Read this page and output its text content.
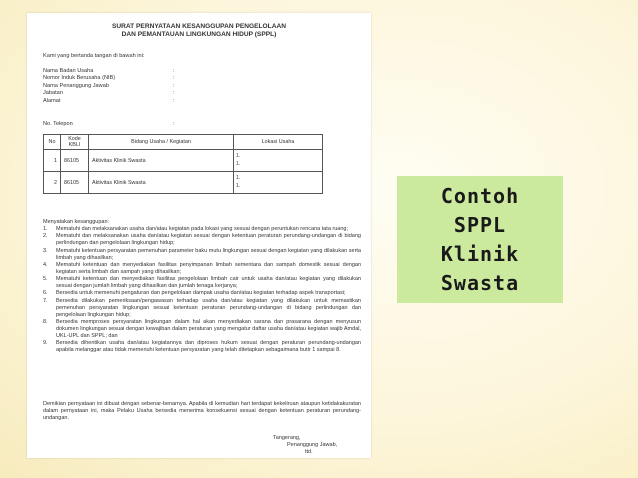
SURAT PERNYATAAN KESANGGUPAN PENGELOLAAN
DAN PEMANTAUAN LINGKUNGAN HIDUP (SPPL)
Kami yang bertanda tangan di bawah ini:
Nama Badan Usaha	:
Nomor Induk Berusaha (NIB)	:
Nama Penanggung Jawab	:
Jabatan	:
Alamat	:
No. Telepon	:
No	Kode KBLI	Bidang Usaha / Kegiatan	Lokasi Usaha
1	86105	Aktivitas Klinik Swasta	1.
1.

2	86105	Aktivitas Klinik Swasta	1.
1.
Menyatakan kesanggupan:
1.	Mematuhi dan melaksanakan usaha dan/atau kegiatan pada lokasi yang sesuai dengan peruntukan rencana tata ruang;
2.	Mematuhi dan melaksanakan usaha dan/atau kegiatan sesuai dengan ketentuan peraturan perundang-undangan di bidang perlindungan dan pengelolaan lingkungan hidup;
3.	Mematuhi ketentuan persyaratan pemenuhan parameter baku mutu lingkungan sesuai dengan kegiatan yang dilakukan serta limbah yang dihasilkan;
4.	Mematuhi ketentuan dan menyediakan fasilitas penyimpanan limbah sementara dan sampah domestik sesuai dengan kegiatan serta limbah dan sampah yang dihasilkan;
5.	Mematuhi ketentuan dan menyediakan fasilitas pengelolaan limbah cair untuk usaha dan/atau kegiatan yang dilakukan sesuai dengan jumlah limbah yang dihasilkan dan jumlah tenaga kerjanya;
6.	Bersedia untuk memenuhi pengaturan dan pengelolaan dampak usaha dan/atau kegiatan terhadap aspek transportasi;
7.	Bersedia dilakukan pemeriksaan/pengawasan terhadap usaha dan/atau kegiatan yang dilakukan untuk memastikan pemenuhan persyaratan lingkungan sesuai ketentuan peraturan perundang-undangan di bidang perlindungan dan pengelolaan lingkungan hidup;
8.	Bersedia memproses persyaratan lingkungan dalam hal akan menyediakan sarana dan prasarana dengan menyusun dokumen lingkungan sesuai dengan kewajiban dalam peraturan yang mengatur daftar usaha dan/atau kegiatan wajib Amdal, UKL-UPL dan SPPL; dan
9.	Bersedia dihentikan usaha dan/atau kegiatannya dan diproses hukum sesuai dengan peraturan perundang-undangan apabila melanggar atau tidak memenuhi ketentuan persyaratan yang telah ditetapkan sebagaimana butir 1 sampai 8.
Demikian pernyataan ini dibuat dengan sebenar-benarnya. Apabila di kemudian hari terdapat kekeliruan ataupun ketidakakuratan dalam pernyataan ini, maka Pelaku Usaha bersedia menerima konsekuensi sesuai dengan ketentuan peraturan perundang-undangan.
Tangerang,
Penanggung Jawab,
ttd.
Contoh
SPPL
Klinik
Swasta
